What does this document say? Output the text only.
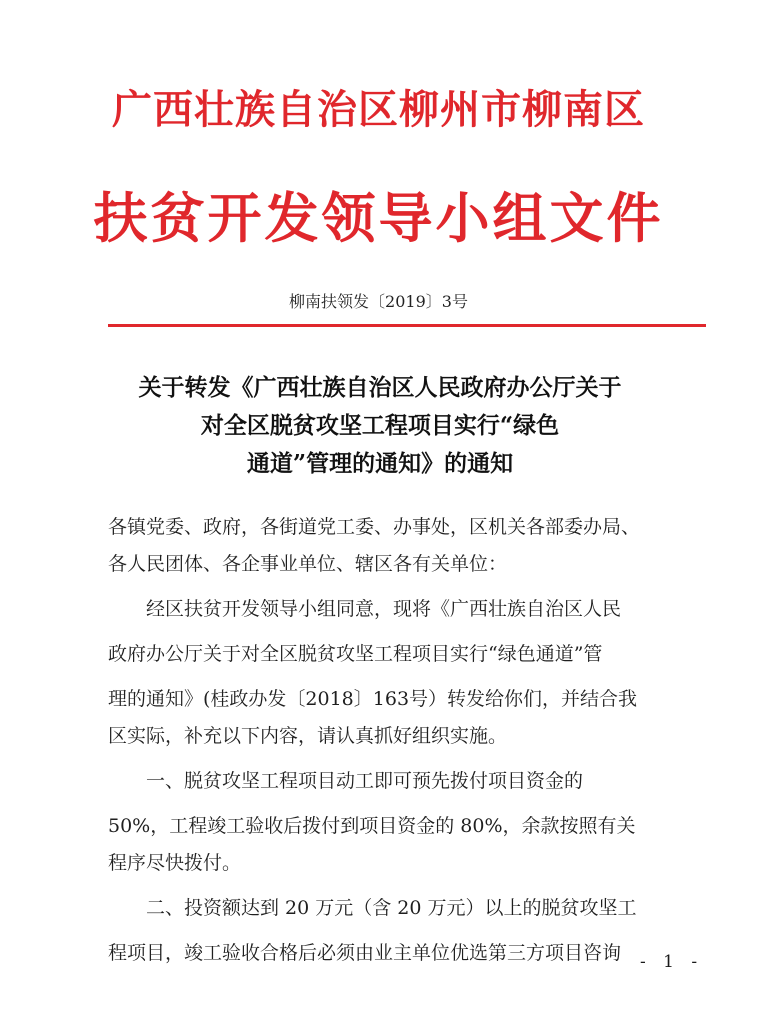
广西壮族自治区柳州市柳南区
扶贫开发领导小组文件
柳南扶领发〔2019〕3号
关于转发《广西壮族自治区人民政府办公厅关于
对全区脱贫攻坚工程项目实行“绿色
通道”管理的通知》的通知

各镇党委、政府，各街道党工委、办事处，区机关各部委办局、

各人民团体、各企事业单位、辖区各有关单位：

经区扶贫开发领导小组同意，现将《广西壮族自治区人民

政府办公厅关于对全区脱贫攻坚工程项目实行“绿色通道”管

理的通知》(桂政办发〔2018〕163号）转发给你们，并结合我

区实际，补充以下内容，请认真抓好组织实施。

一、脱贫攻坚工程项目动工即可预先拨付项目资金的

50%，工程竣工验收后拨付到项目资金的 80%，余款按照有关

程序尽快拨付。

二、投资额达到 20 万元（含 20 万元）以上的脱贫攻坚工

程项目，竣工验收合格后必须由业主单位优选第三方项目咨询	- 1 -
